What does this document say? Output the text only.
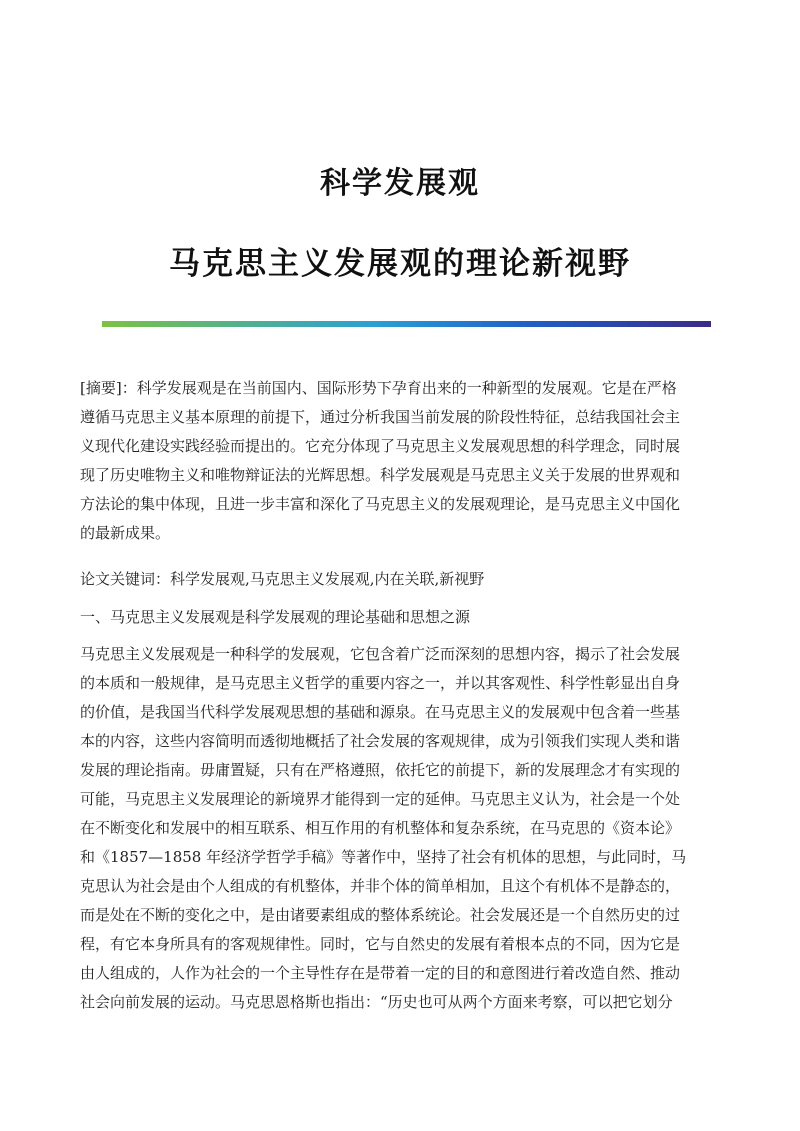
科学发展观
马克思主义发展观的理论新视野

[摘要]：科学发展观是在当前国内、国际形势下孕育出来的一种新型的发展观。它是在严格

遵循马克思主义基本原理的前提下，通过分析我国当前发展的阶段性特征，总结我国社会主

义现代化建设实践经验而提出的。它充分体现了马克思主义发展观思想的科学理念，同时展

现了历史唯物主义和唯物辩证法的光辉思想。科学发展观是马克思主义关于发展的世界观和

方法论的集中体现，且进一步丰富和深化了马克思主义的发展观理论，是马克思主义中国化

的最新成果。

论文关键词：科学发展观,马克思主义发展观,内在关联,新视野
一、马克思主义发展观是科学发展观的理论基础和思想之源

马克思主义发展观是一种科学的发展观，它包含着广泛而深刻的思想内容，揭示了社会发展

的本质和一般规律，是马克思主义哲学的重要内容之一，并以其客观性、科学性彰显出自身

的价值，是我国当代科学发展观思想的基础和源泉。在马克思主义的发展观中包含着一些基

本的内容，这些内容简明而透彻地概括了社会发展的客观规律，成为引领我们实现人类和谐

发展的理论指南。毋庸置疑，只有在严格遵照，依托它的前提下，新的发展理念才有实现的

可能，马克思主义发展理论的新境界才能得到一定的延伸。马克思主义认为，社会是一个处

在不断变化和发展中的相互联系、相互作用的有机整体和复杂系统，在马克思的《资本论》

和《1857—1858 年经济学哲学手稿》等著作中，坚持了社会有机体的思想，与此同时，马

克思认为社会是由个人组成的有机整体，并非个体的简单相加，且这个有机体不是静态的，

而是处在不断的变化之中，是由诸要素组成的整体系统论。社会发展还是一个自然历史的过

程，有它本身所具有的客观规律性。同时，它与自然史的发展有着根本点的不同，因为它是

由人组成的，人作为社会的一个主导性存在是带着一定的目的和意图进行着改造自然、推动

社会向前发展的运动。马克思恩格斯也指出：“历史也可从两个方面来考察，可以把它划分
